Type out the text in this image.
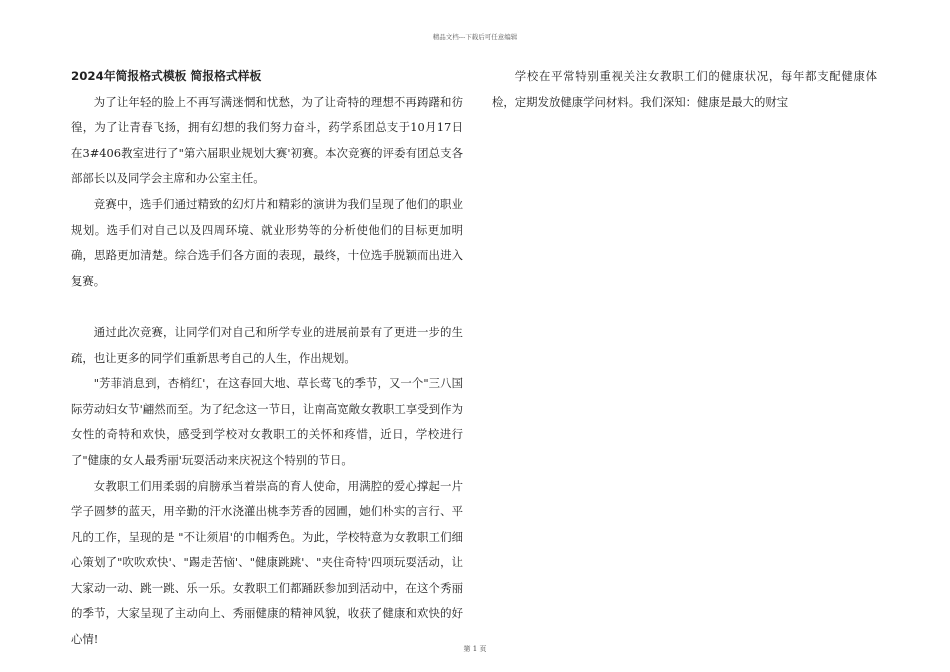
精品文档---下载后可任意编辑
2024年简报格式模板 简报格式样板

为了让年轻的脸上不再写满迷惘和忧愁，为了让奇特的理想不再踌躇和彷徨，为了让青春飞扬，拥有幻想的我们努力奋斗，药学系团总支于10月17日在3#406教室进行了"第六届职业规划大赛'初赛。本次竞赛的评委有团总支各部部长以及同学会主席和办公室主任。

竞赛中，选手们通过精致的幻灯片和精彩的演讲为我们呈现了他们的职业规划。选手们对自己以及四周环境、就业形势等的分析使他们的目标更加明确，思路更加清楚。综合选手们各方面的表现，最终，十位选手脱颖而出进入复赛。

通过此次竞赛，让同学们对自己和所学专业的进展前景有了更进一步的生疏，也让更多的同学们重新思考自己的人生，作出规划。

"芳菲消息到，杏梢红'，在这春回大地、草长莺飞的季节，又一个"三八国际劳动妇女节'翩然而至。为了纪念这一节日，让南高宽敞女教职工享受到作为女性的奇特和欢快，感受到学校对女教职工的关怀和疼惜，近日，学校进行了"健康的女人最秀丽'玩耍活动来庆祝这个特别的节日。

女教职工们用柔弱的肩膀承当着崇高的育人使命，用满腔的爱心撑起一片学子圆梦的蓝天，用辛勤的汗水浇灌出桃李芳香的园圃，她们朴实的言行、平凡的工作，呈现的是 "不让须眉'的巾帼秀色。为此，学校特意为女教职工们细心策划了"吹吹欢快'、"踢走苦恼'、"健康跳跳'、"夹住奇特'四项玩耍活动，让大家动一动、跳一跳、乐一乐。女教职工们都踊跃参加到活动中，在这个秀丽的季节，大家呈现了主动向上、秀丽健康的精神风貌，收获了健康和欢快的好心情!

学校在平常特别重视关注女教职工们的健康状况，每年都支配健康体检，定期发放健康学问材料。我们深知：健康是最大的财宝

第 1 页
